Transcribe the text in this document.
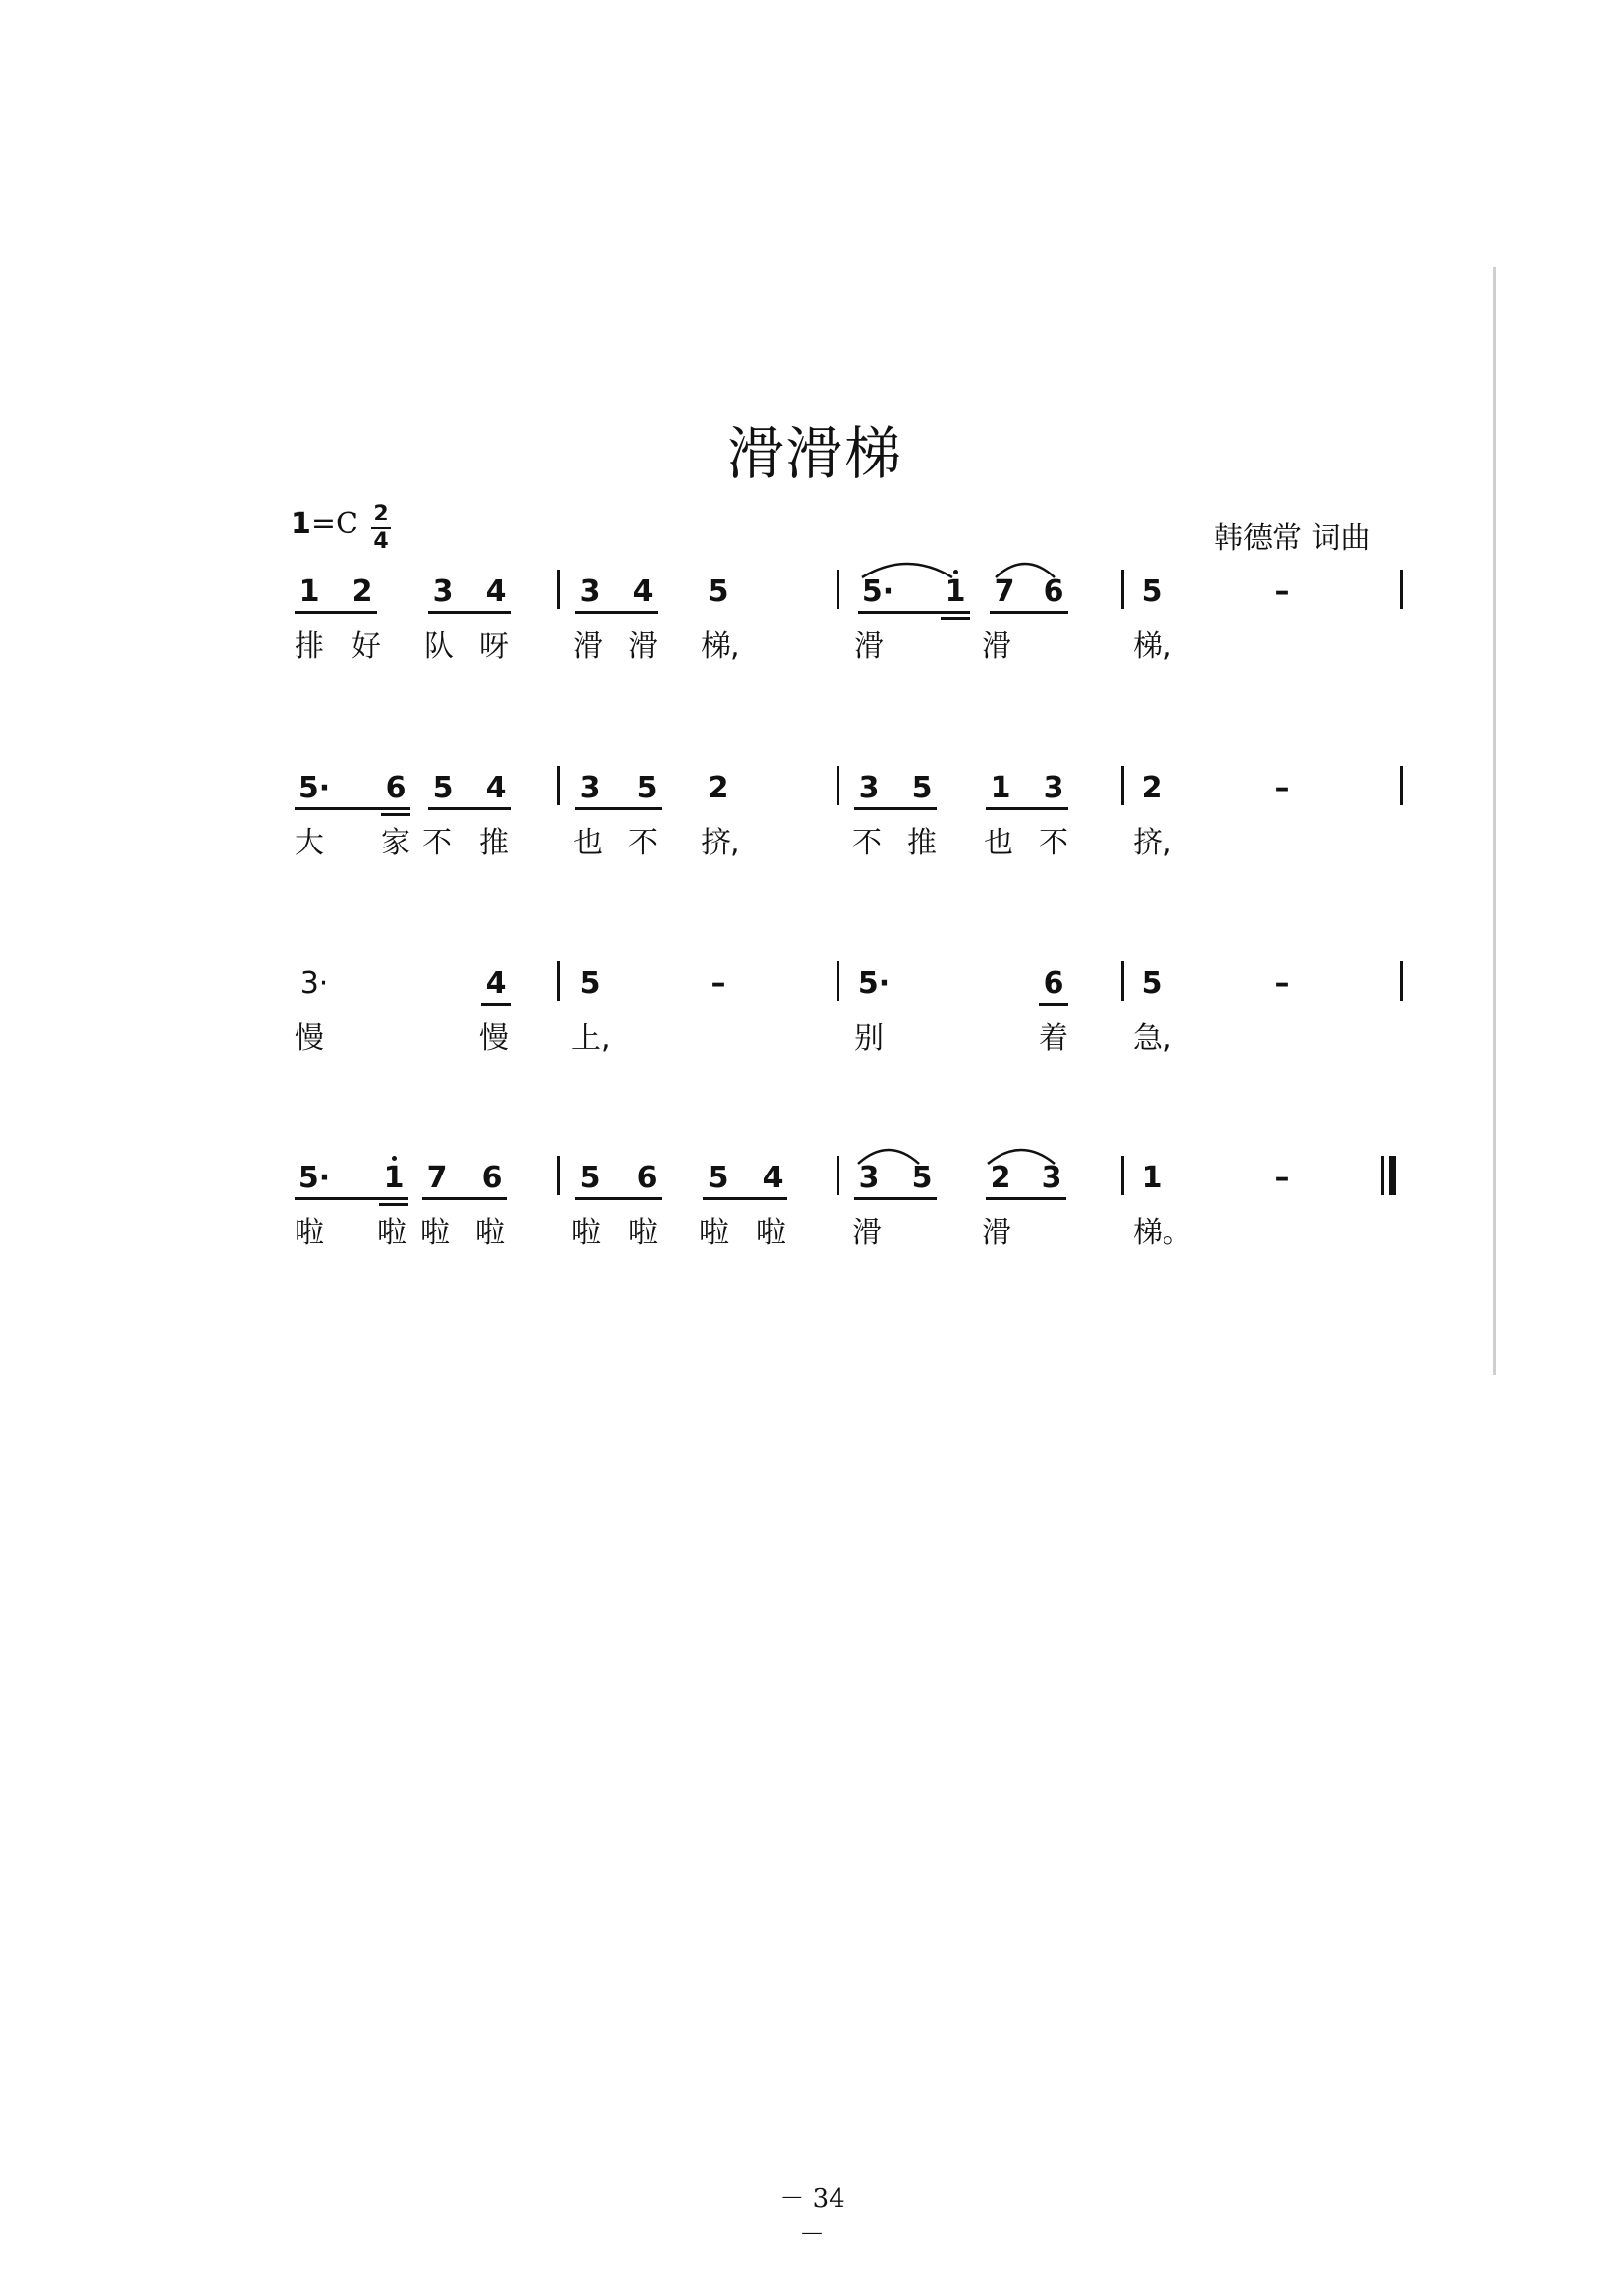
滑滑梯
1=C 2
4	韩德常 词曲
1 2 3 4	3 4 5	5· 1 7 6	5	–
排 好	队 呀	滑 滑	梯,	滑	滑	梯,
5· 6 5 4	3 5 2	3 5 1 3	2	–
大	家 不 推	也 不	挤,	不 推	也 不	挤,
3·	4	5	–	5·	6	5	–
慢	慢	上,	别	着	急,
5· 1 7 6	5 6 5 4	3 5 2 3	1	–
啦	啦 啦 啦	啦 啦	啦 啦	滑	滑	梯。
－ 34 －
